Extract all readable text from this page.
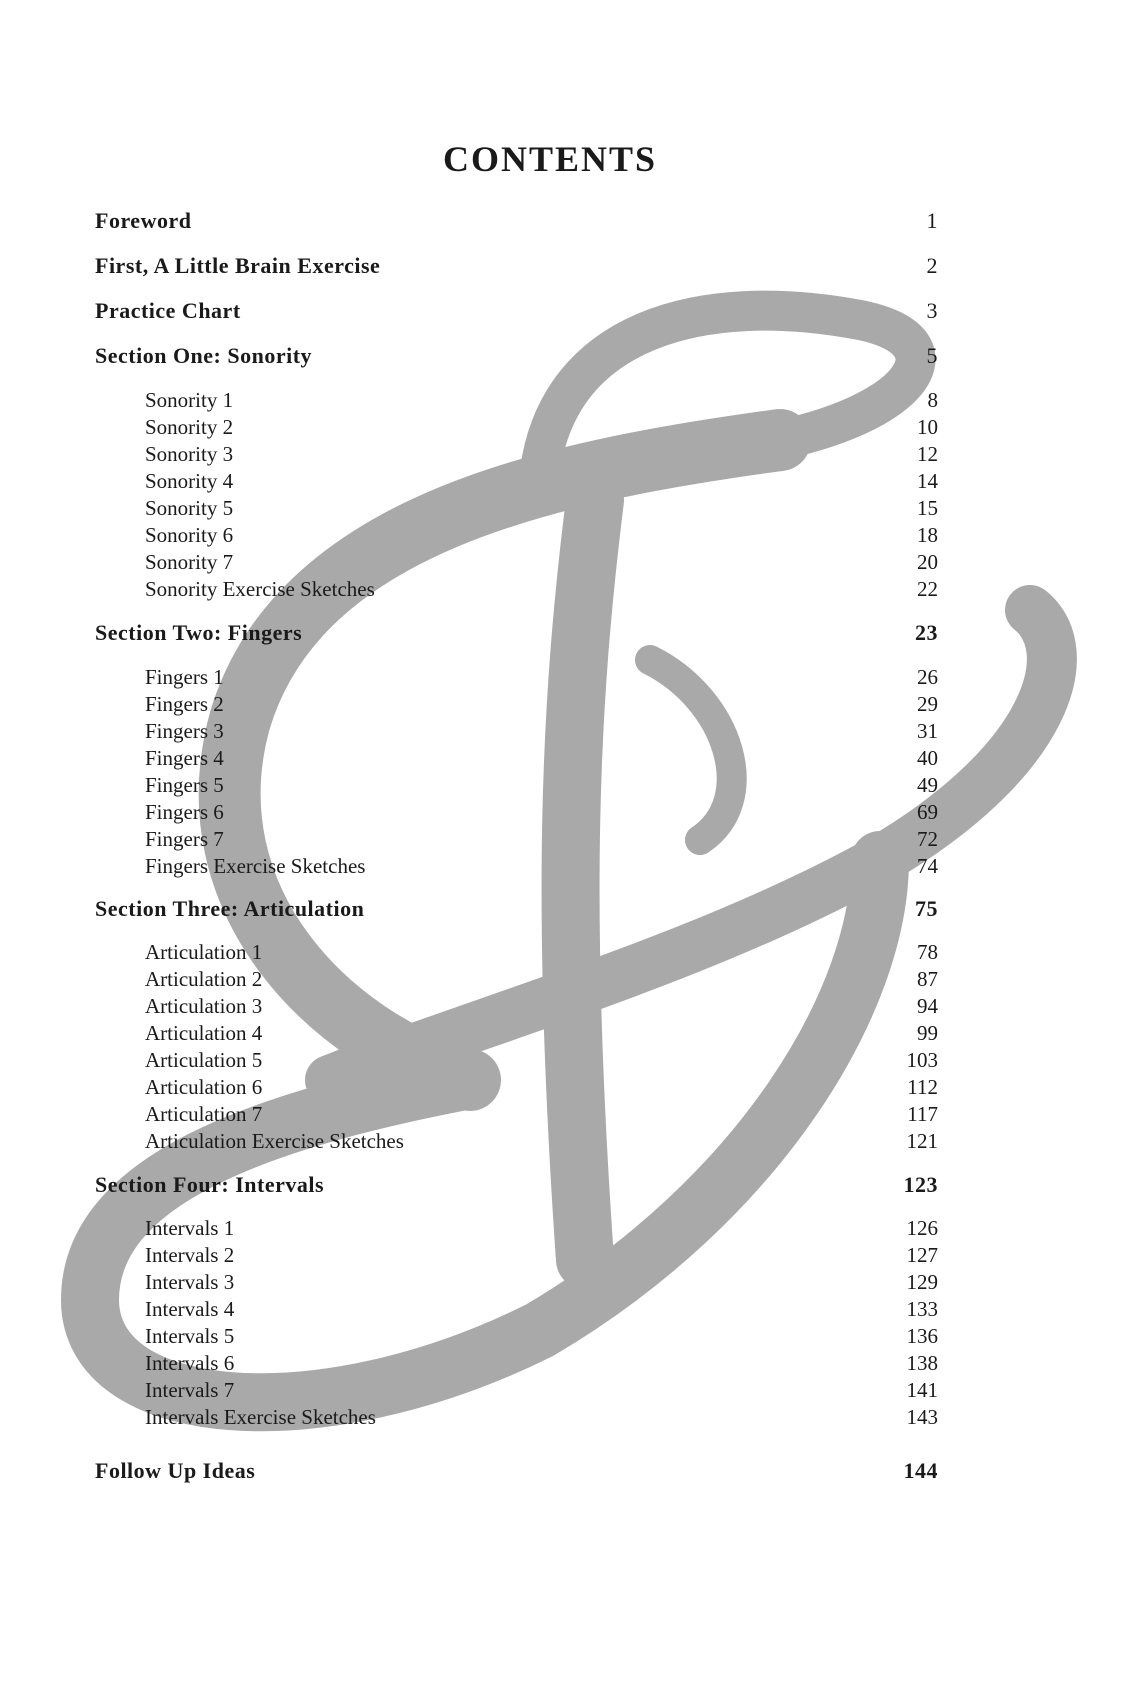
CONTENTS
Foreword	1
First, A Little Brain Exercise	2
Practice Chart	3
Section One: Sonority	5
Sonority 1	8
Sonority 2	10
Sonority 3	12
Sonority 4	14
Sonority 5	15
Sonority 6	18
Sonority 7	20
Sonority Exercise Sketches	22
Section Two: Fingers	23
Fingers 1	26
Fingers 2	29
Fingers 3	31
Fingers 4	40
Fingers 5	49
Fingers 6	69
Fingers 7	72
Fingers Exercise Sketches	74
Section Three: Articulation	75
Articulation 1	78
Articulation 2	87
Articulation 3	94
Articulation 4	99
Articulation 5	103
Articulation 6	112
Articulation 7	117
Articulation Exercise Sketches	121
Section Four: Intervals	123
Intervals 1	126
Intervals 2	127
Intervals 3	129
Intervals 4	133
Intervals 5	136
Intervals 6	138
Intervals 7	141
Intervals Exercise Sketches	143
Follow Up Ideas	144
